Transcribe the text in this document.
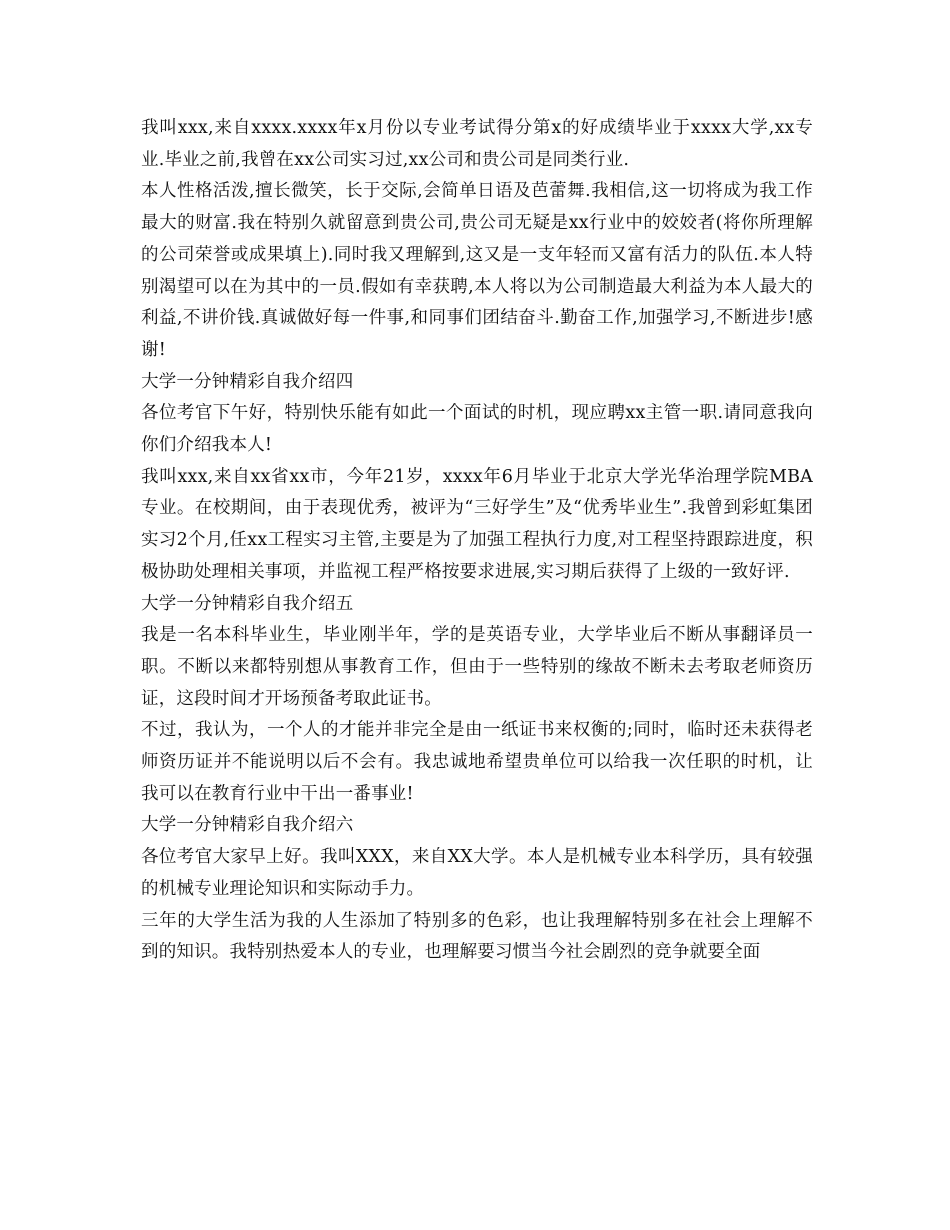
我叫xxx,来自xxxx.xxxx年x月份以专业考试得分第x的好成绩毕业于xxxx大学,xx专业.毕业之前,我曾在xx公司实习过,xx公司和贵公司是同类行业.

本人性格活泼,擅长微笑，长于交际,会简单日语及芭蕾舞.我相信,这一切将成为我工作最大的财富.我在特别久就留意到贵公司,贵公司无疑是xx行业中的姣姣者(将你所理解的公司荣誉或成果填上).同时我又理解到,这又是一支年轻而又富有活力的队伍.本人特别渴望可以在为其中的一员.假如有幸获聘,本人将以为公司制造最大利益为本人最大的利益,不讲价钱.真诚做好每一件事,和同事们团结奋斗.勤奋工作,加强学习,不断进步!感谢!

大学一分钟精彩自我介绍四

各位考官下午好，特别快乐能有如此一个面试的时机，现应聘xx主管一职.请同意我向你们介绍我本人!

我叫xxx,来自xx省xx市，今年21岁，xxxx年6月毕业于北京大学光华治理学院MBA专业。在校期间，由于表现优秀，被评为“三好学生”及“优秀毕业生”.我曾到彩虹集团实习2个月,任xx工程实习主管,主要是为了加强工程执行力度,对工程坚持跟踪进度，积极协助处理相关事项，并监视工程严格按要求进展,实习期后获得了上级的一致好评.

大学一分钟精彩自我介绍五

我是一名本科毕业生，毕业刚半年，学的是英语专业，大学毕业后不断从事翻译员一职。不断以来都特别想从事教育工作，但由于一些特别的缘故不断未去考取老师资历证，这段时间才开场预备考取此证书。

不过，我认为，一个人的才能并非完全是由一纸证书来权衡的;同时，临时还未获得老师资历证并不能说明以后不会有。我忠诚地希望贵单位可以给我一次任职的时机，让我可以在教育行业中干出一番事业!

大学一分钟精彩自我介绍六

各位考官大家早上好。我叫XXX，来自XX大学。本人是机械专业本科学历，具有较强的机械专业理论知识和实际动手力。

三年的大学生活为我的人生添加了特别多的色彩，也让我理解特别多在社会上理解不到的知识。我特别热爱本人的专业，也理解要习惯当今社会剧烈的竞争就要全面
